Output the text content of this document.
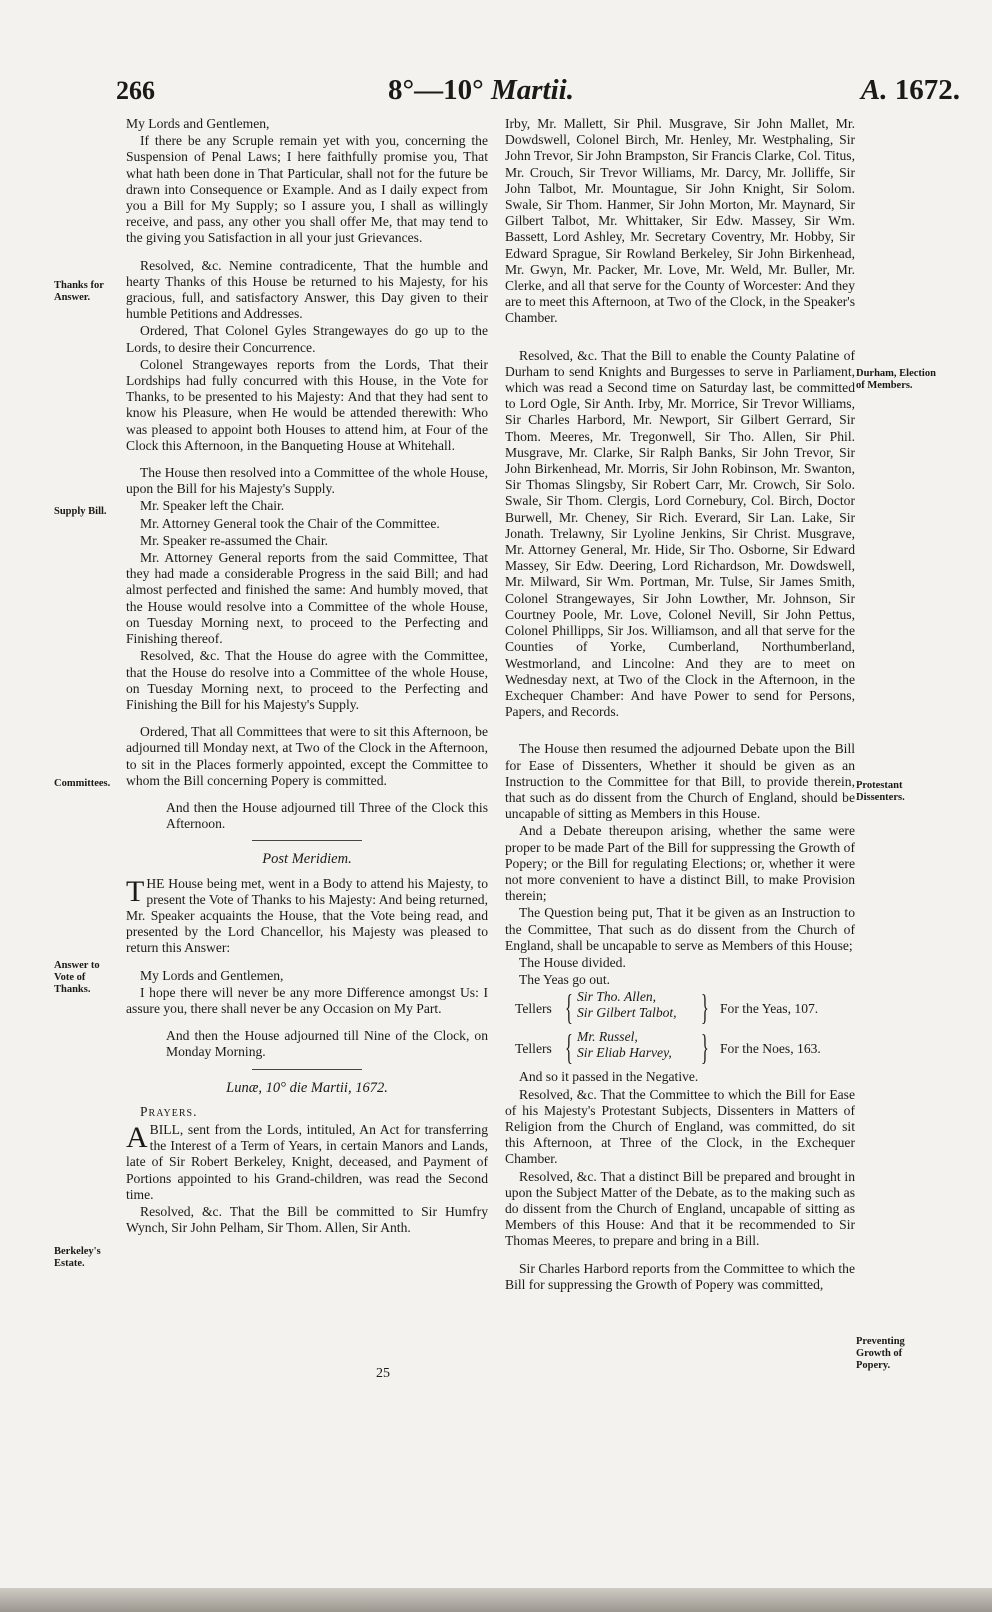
266	8°—10° Martii.	A. 1672.

My Lords and Gentlemen,

If there be any Scruple remain yet with you, concerning the Suspension of Penal Laws; I here faithfully promise you, That what hath been done in That Particular, shall not for the future be drawn into Consequence or Example. And as I daily expect from you a Bill for My Supply; so I assure you, I shall as willingly receive, and pass, any other you shall offer Me, that may tend to the giving you Satisfaction in all your just Grievances.

Resolved, &c. Nemine contradicente, That the humble and hearty Thanks of this House be returned to his Majesty, for his gracious, full, and satisfactory Answer, this Day given to their humble Petitions and Addresses.

Ordered, That Colonel Gyles Strangewayes do go up to the Lords, to desire their Concurrence.

Colonel Strangewayes reports from the Lords, That their Lordships had fully concurred with this House, in the Vote for Thanks, to be presented to his Majesty: And that they had sent to know his Pleasure, when He would be attended therewith: Who was pleased to appoint both Houses to attend him, at Four of the Clock this Afternoon, in the Banqueting House at Whitehall.

The House then resolved into a Committee of the whole House, upon the Bill for his Majesty's Supply.

Mr. Speaker left the Chair.

Mr. Attorney General took the Chair of the Committee.

Mr. Speaker re-assumed the Chair.

Mr. Attorney General reports from the said Committee, That they had made a considerable Progress in the said Bill; and had almost perfected and finished the same: And humbly moved, that the House would resolve into a Committee of the whole House, on Tuesday Morning next, to proceed to the Perfecting and Finishing thereof.

Resolved, &c. That the House do agree with the Committee, that the House do resolve into a Committee of the whole House, on Tuesday Morning next, to proceed to the Perfecting and Finishing the Bill for his Majesty's Supply.

Ordered, That all Committees that were to sit this Afternoon, be adjourned till Monday next, at Two of the Clock in the Afternoon, to sit in the Places formerly appointed, except the Committee to whom the Bill concerning Popery is committed.

And then the House adjourned till Three of the Clock this Afternoon.

Post Meridiem.

THE House being met, went in a Body to attend his Majesty, to present the Vote of Thanks to his Majesty: And being returned, Mr. Speaker acquaints the House, that the Vote being read, and presented by the Lord Chancellor, his Majesty was pleased to return this Answer:

My Lords and Gentlemen,

I hope there will never be any more Difference amongst Us: I assure you, there shall never be any Occasion on My Part.

And then the House adjourned till Nine of the Clock, on Monday Morning.

Lunæ, 10° die Martii, 1672.
Prayers.

A BILL, sent from the Lords, intituled, An Act for transferring the Interest of a Term of Years, in certain Manors and Lands, late of Sir Robert Berkeley, Knight, deceased, and Payment of Portions appointed to his Grand-children, was read the Second time.

Resolved, &c. That the Bill be committed to Sir Humfry Wynch, Sir John Pelham, Sir Thom. Allen, Sir Anth.

Irby, Mr. Mallett, Sir Phil. Musgrave, Sir John Mallet, Mr. Dowdswell, Colonel Birch, Mr. Henley, Mr. Westphaling, Sir John Trevor, Sir John Brampston, Sir Francis Clarke, Col. Titus, Mr. Crouch, Sir Trevor Williams, Mr. Darcy, Mr. Jolliffe, Sir John Talbot, Mr. Mountague, Sir John Knight, Sir Solom. Swale, Sir Thom. Hanmer, Sir John Morton, Mr. Maynard, Sir Gilbert Talbot, Mr. Whittaker, Sir Edw. Massey, Sir Wm. Bassett, Lord Ashley, Mr. Secretary Coventry, Mr. Hobby, Sir Edward Sprague, Sir Rowland Berkeley, Sir John Birkenhead, Mr. Gwyn, Mr. Packer, Mr. Love, Mr. Weld, Mr. Buller, Mr. Clerke, and all that serve for the County of Worcester: And they are to meet this Afternoon, at Two of the Clock, in the Speaker's Chamber.

Resolved, &c. That the Bill to enable the County Palatine of Durham to send Knights and Burgesses to serve in Parliament, which was read a Second time on Saturday last, be committed to Lord Ogle, Sir Anth. Irby, Mr. Morrice, Sir Trevor Williams, Sir Charles Harbord, Mr. Newport, Sir Gilbert Gerrard, Sir Thom. Meeres, Mr. Tregonwell, Sir Tho. Allen, Sir Phil. Musgrave, Mr. Clarke, Sir Ralph Banks, Sir John Trevor, Sir John Birkenhead, Mr. Morris, Sir John Robinson, Mr. Swanton, Sir Thomas Slingsby, Sir Robert Carr, Mr. Crowch, Sir Solo. Swale, Sir Thom. Clergis, Lord Cornebury, Col. Birch, Doctor Burwell, Mr. Cheney, Sir Rich. Everard, Sir Lan. Lake, Sir Jonath. Trelawny, Sir Lyoline Jenkins, Sir Christ. Musgrave, Mr. Attorney General, Mr. Hide, Sir Tho. Osborne, Sir Edward Massey, Sir Edw. Deering, Lord Richardson, Mr. Dowdswell, Mr. Milward, Sir Wm. Portman, Mr. Tulse, Sir James Smith, Colonel Strangewayes, Sir John Lowther, Mr. Johnson, Sir Courtney Poole, Mr. Love, Colonel Nevill, Sir John Pettus, Colonel Phillipps, Sir Jos. Williamson, and all that serve for the Counties of Yorke, Cumberland, Northumberland, Westmorland, and Lincolne: And they are to meet on Wednesday next, at Two of the Clock in the Afternoon, in the Exchequer Chamber: And have Power to send for Persons, Papers, and Records.

The House then resumed the adjourned Debate upon the Bill for Ease of Dissenters, Whether it should be given as an Instruction to the Committee for that Bill, to provide therein, that such as do dissent from the Church of England, should be uncapable of sitting as Members in this House.

And a Debate thereupon arising, whether the same were proper to be made Part of the Bill for suppressing the Growth of Popery; or the Bill for regulating Elections; or, whether it were not more convenient to have a distinct Bill, to make Provision therein;

The Question being put, That it be given as an Instruction to the Committee, That such as do dissent from the Church of England, shall be uncapable to serve as Members of this House;

The House divided.

The Yeas go out.

Tellers { Sir Tho. Allen,
Sir Gilbert Talbot, } For the Yeas, 107.
Tellers { Mr. Russel,
Sir Eliab Harvey, } For the Noes, 163.

And so it passed in the Negative.

Resolved, &c. That the Committee to which the Bill for Ease of his Majesty's Protestant Subjects, Dissenters in Matters of Religion from the Church of England, was committed, do sit this Afternoon, at Three of the Clock, in the Exchequer Chamber.

Resolved, &c. That a distinct Bill be prepared and brought in upon the Subject Matter of the Debate, as to the making such as do dissent from the Church of England, uncapable of sitting as Members of this House: And that it be recommended to Sir Thomas Meeres, to prepare and bring in a Bill.

Sir Charles Harbord reports from the Committee to which the Bill for suppressing the Growth of Popery was committed,

Thanks for Answer.
Supply Bill.
Committees.
Answer to Vote of Thanks.
Berkeley's Estate.
Durham, Election of Members.
Protestant Dissenters.
Preventing Growth of Popery.
25
